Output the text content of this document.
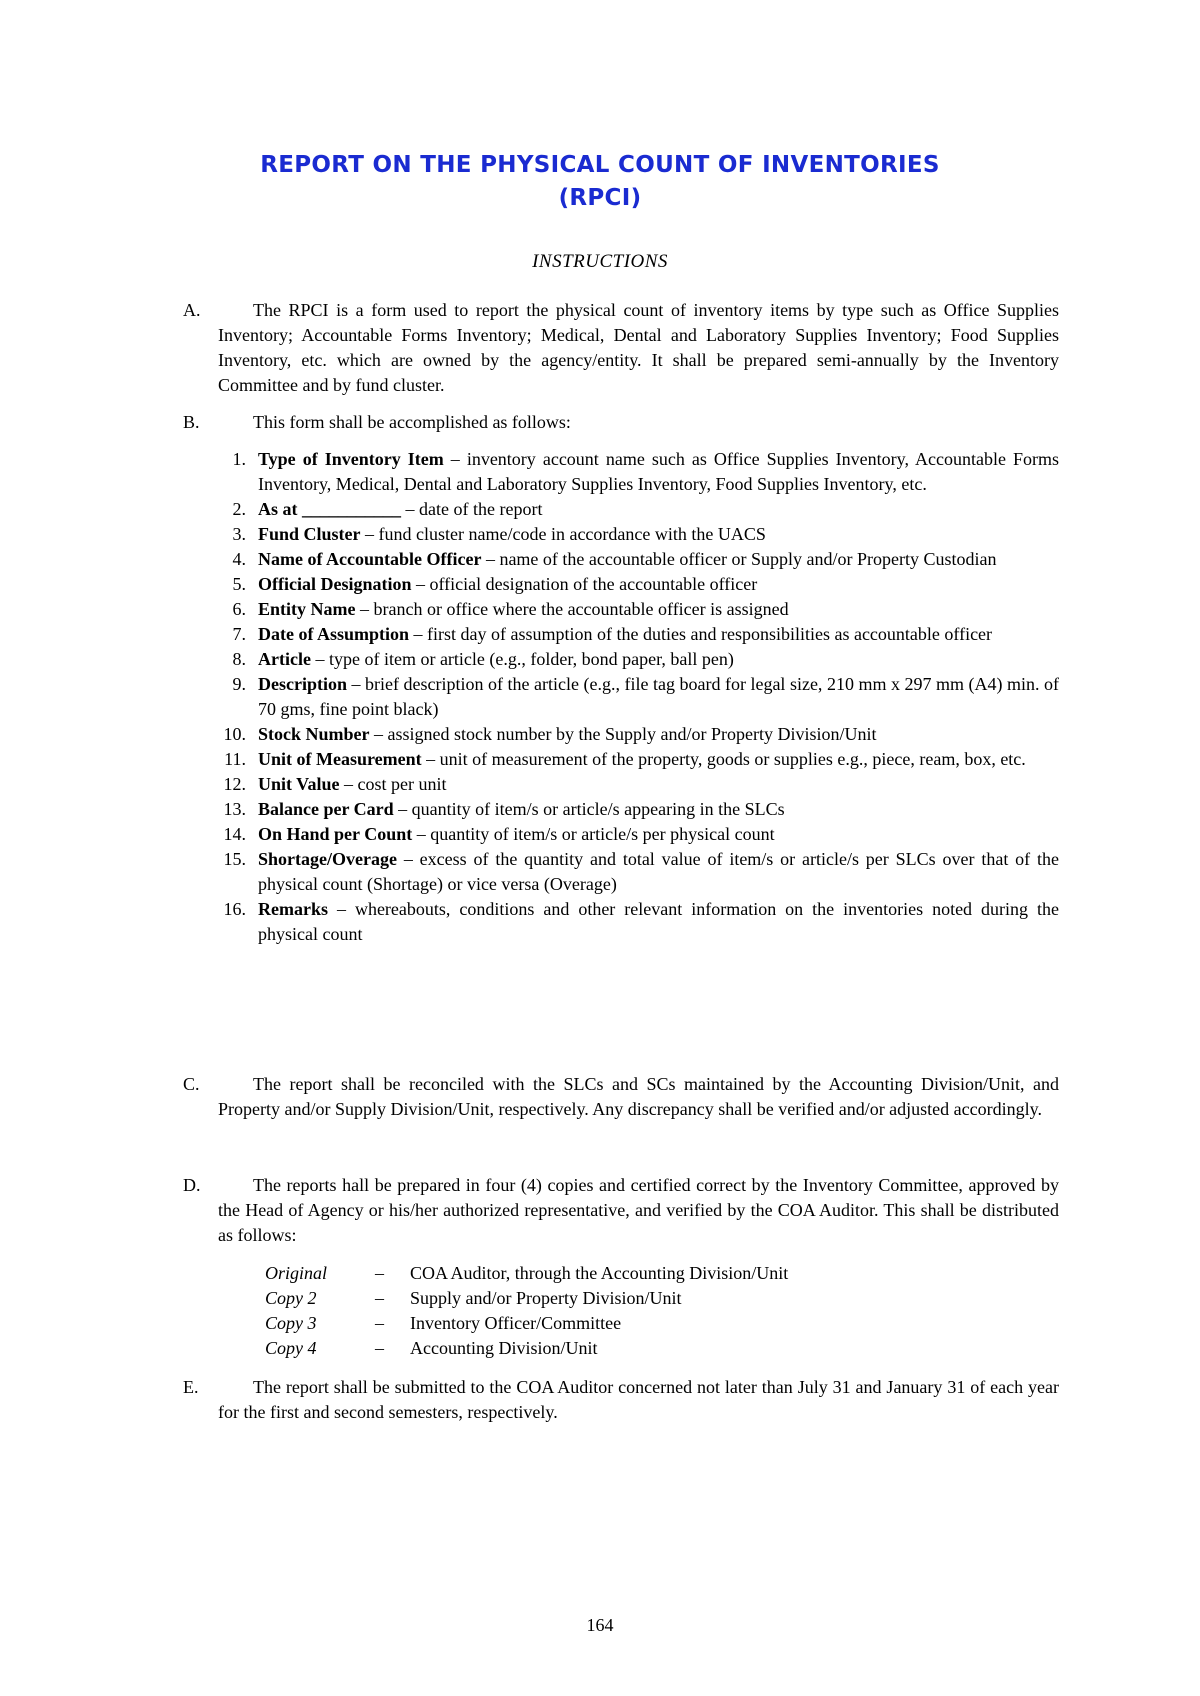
REPORT ON THE PHYSICAL COUNT OF INVENTORIES
(RPCI)
INSTRUCTIONS
A.	The RPCI is a form used to report the physical count of inventory items by type such as Office Supplies Inventory; Accountable Forms Inventory; Medical, Dental and Laboratory Supplies Inventory; Food Supplies Inventory, etc. which are owned by the agency/entity. It shall be prepared semi-annually by the Inventory Committee and by fund cluster.
B.	This form shall be accomplished as follows:
1. Type of Inventory Item – inventory account name such as Office Supplies Inventory, Accountable Forms Inventory, Medical, Dental and Laboratory Supplies Inventory, Food Supplies Inventory, etc.
2. As at ___________ – date of the report
3. Fund Cluster – fund cluster name/code in accordance with the UACS
4. Name of Accountable Officer – name of the accountable officer or Supply and/or Property Custodian
5. Official Designation – official designation of the accountable officer
6. Entity Name – branch or office where the accountable officer is assigned
7. Date of Assumption – first day of assumption of the duties and responsibilities as accountable officer
8. Article – type of item or article (e.g., folder, bond paper, ball pen)
9. Description – brief description of the article (e.g., file tag board for legal size, 210 mm x 297 mm (A4) min. of 70 gms, fine point black)
10. Stock Number – assigned stock number by the Supply and/or Property Division/Unit
11. Unit of Measurement – unit of measurement of the property, goods or supplies e.g., piece, ream, box, etc.
12. Unit Value – cost per unit
13. Balance per Card – quantity of item/s or article/s appearing in the SLCs
14. On Hand per Count – quantity of item/s or article/s per physical count
15. Shortage/Overage – excess of the quantity and total value of item/s or article/s per SLCs over that of the physical count (Shortage) or vice versa (Overage)
16. Remarks – whereabouts, conditions and other relevant information on the inventories noted during the physical count
C.	The report shall be reconciled with the SLCs and SCs maintained by the Accounting Division/Unit, and Property and/or Supply Division/Unit, respectively. Any discrepancy shall be verified and/or adjusted accordingly.
D.	The reports hall be prepared in four (4) copies and certified correct by the Inventory Committee, approved by the Head of Agency or his/her authorized representative, and verified by the COA Auditor. This shall be distributed as follows:
Original	– COA Auditor, through the Accounting Division/Unit
Copy 2	– Supply and/or Property Division/Unit
Copy 3	– Inventory Officer/Committee
Copy 4	– Accounting Division/Unit
E.	The report shall be submitted to the COA Auditor concerned not later than July 31 and January 31 of each year for the first and second semesters, respectively.
164
